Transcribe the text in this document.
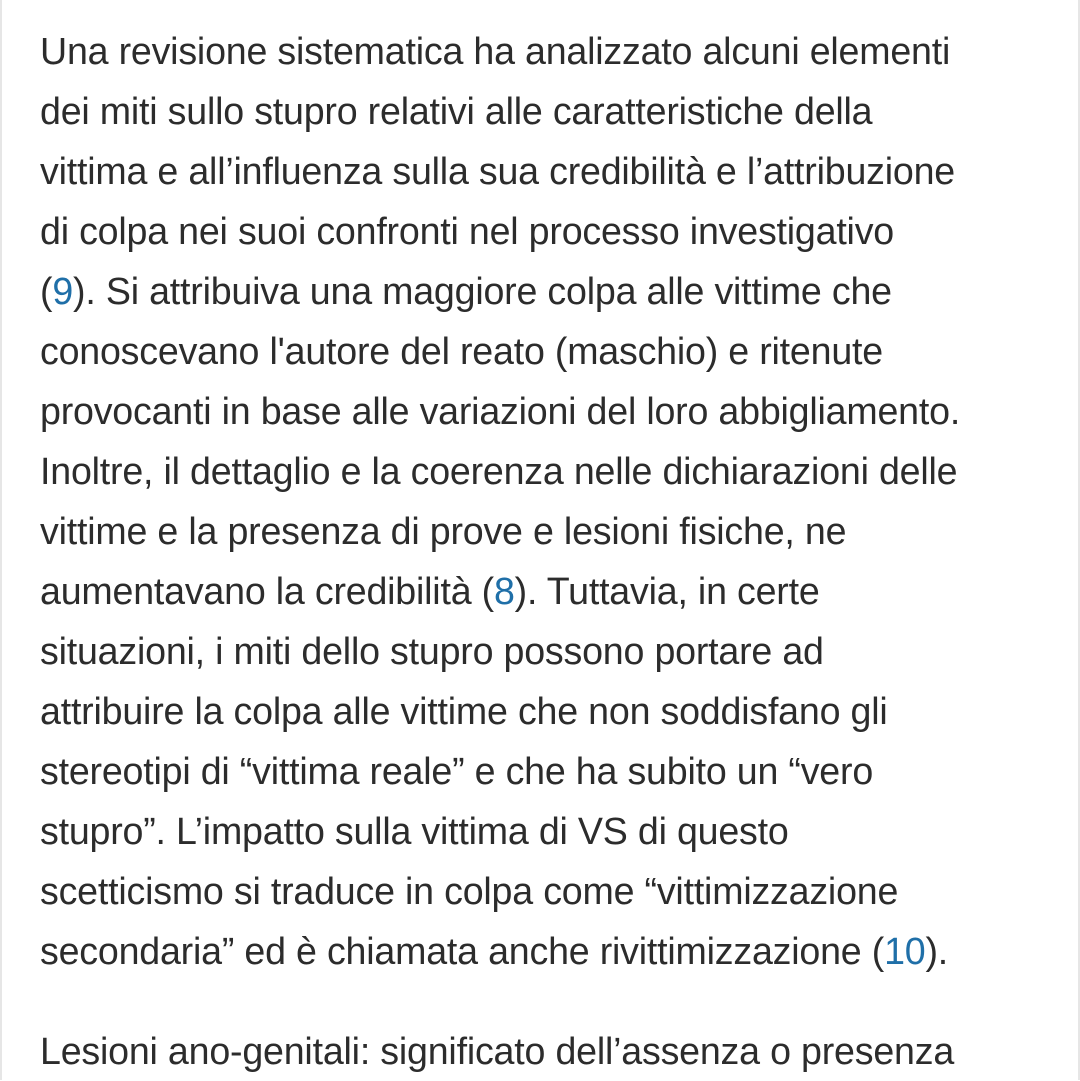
Una revisione sistematica ha analizzato alcuni elementi
dei miti sullo stupro relativi alle caratteristiche della
vittima e all’influenza sulla sua credibilità e l’attribuzione
di colpa nei suoi confronti nel processo investigativo
(9). Si attribuiva una maggiore colpa alle vittime che
conoscevano l'autore del reato (maschio) e ritenute
provocanti in base alle variazioni del loro abbigliamento.
Inoltre, il dettaglio e la coerenza nelle dichiarazioni delle
vittime e la presenza di prove e lesioni fisiche, ne
aumentavano la credibilità (8). Tuttavia, in certe
situazioni, i miti dello stupro possono portare ad
attribuire la colpa alle vittime che non soddisfano gli
stereotipi di “vittima reale” e che ha subito un “vero
stupro”. L’impatto sulla vittima di VS di questo
scetticismo si traduce in colpa come “vittimizzazione
secondaria” ed è chiamata anche rivittimizzazione (10).
Lesioni ano-genitali: significato dell’assenza o presenza
